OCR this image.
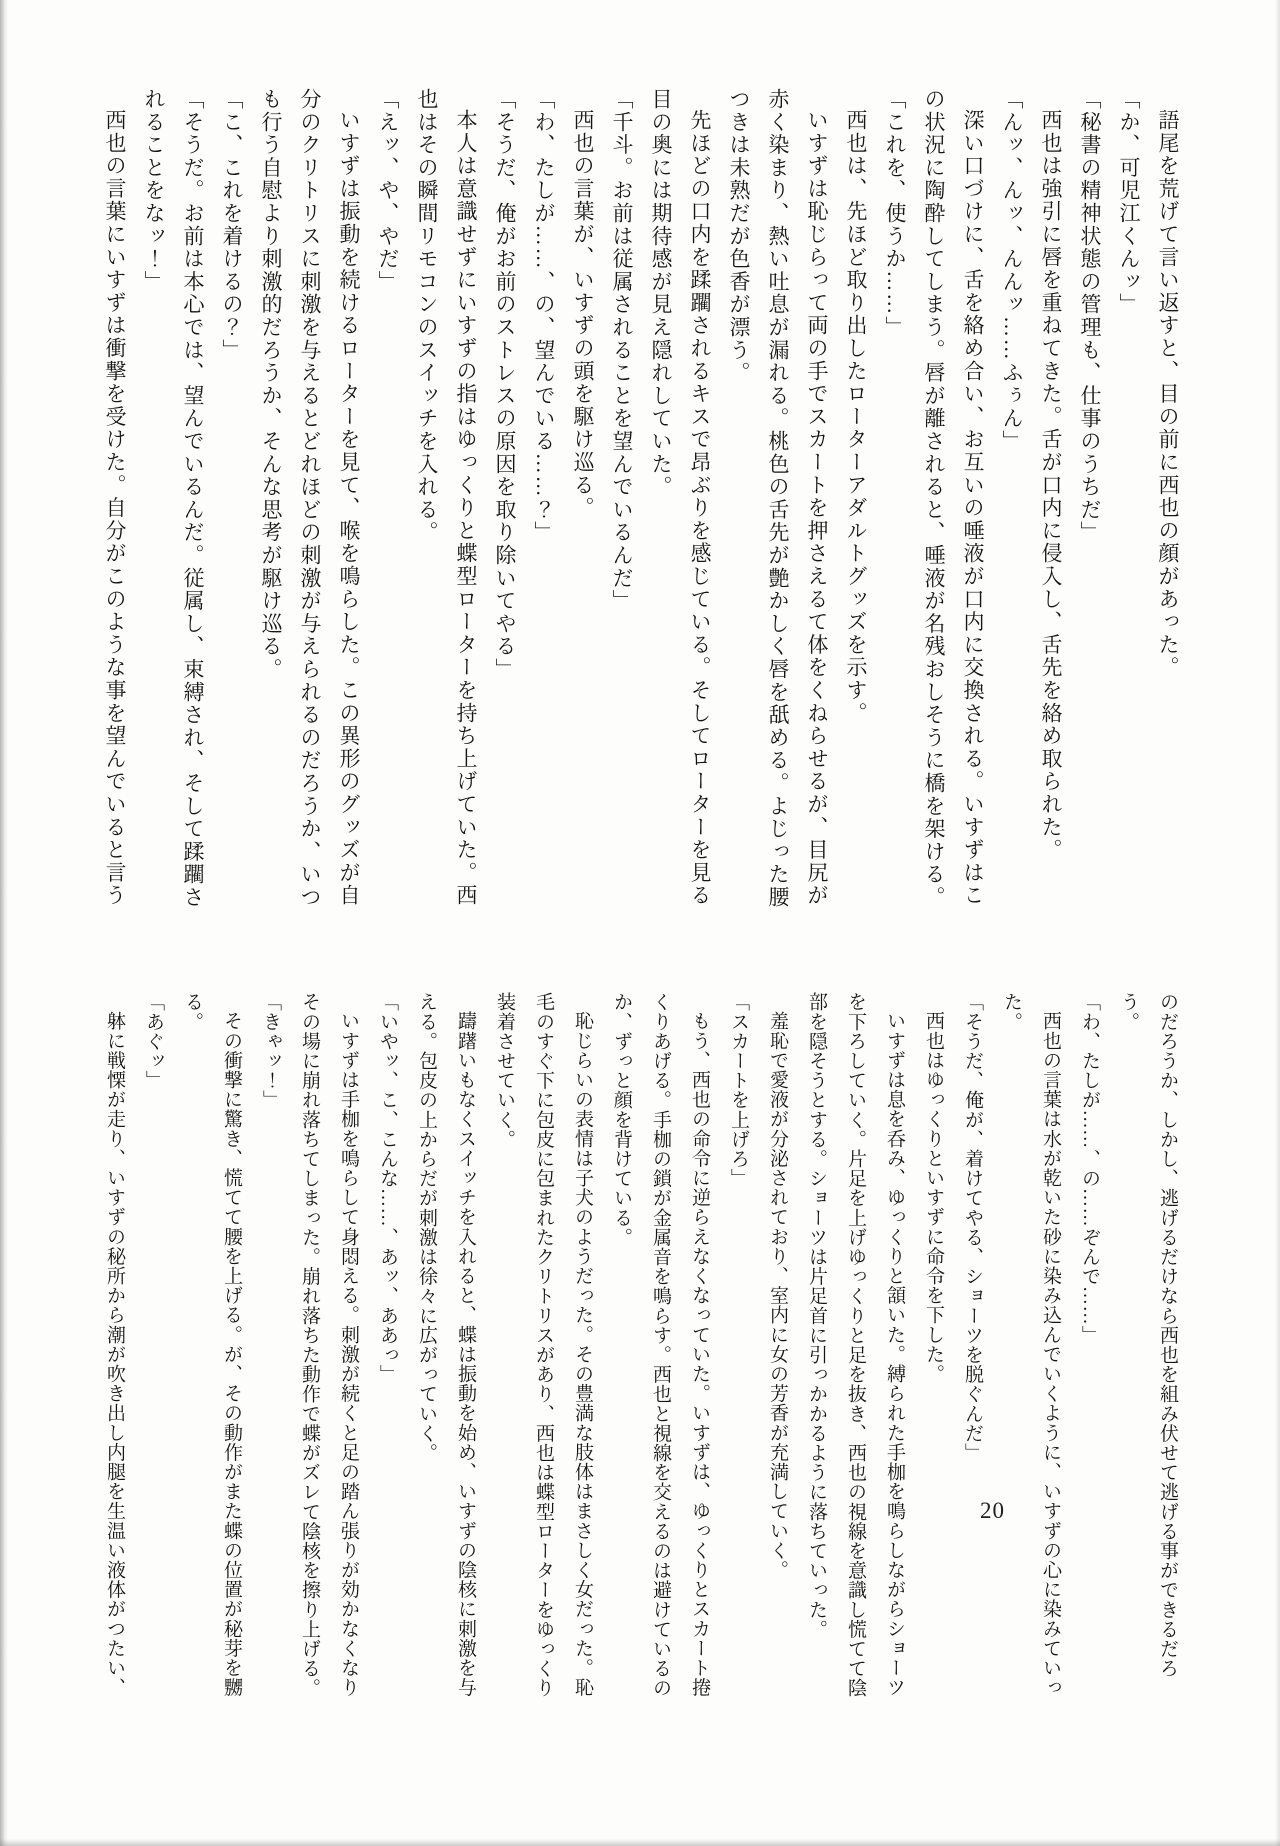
語尾を荒げて言い返すと、目の前に西也の顔があった。

「か、可児江くんッ」

「秘書の精神状態の管理も、仕事のうちだ」

西也は強引に唇を重ねてきた。舌が口内に侵入し、舌先を絡め取られた。

「んッ、んッ、んんッ……ふぅん」

深い口づけに、舌を絡め合い、お互いの唾液が口内に交換される。いすずはこの状況に陶酔してしまう。唇が離されると、唾液が名残おしそうに橋を架ける。

「これを、使うか……」

西也は、先ほど取り出したローターアダルトグッズを示す。

いすずは恥じらって両の手でスカートを押さえるて体をくねらせるが、目尻が赤く染まり、熱い吐息が漏れる。桃色の舌先が艶かしく唇を舐める。よじった腰つきは未熟だが色香が漂う。

先ほどの口内を蹂躙されるキスで昂ぶりを感じている。そしてローターを見る目の奥には期待感が見え隠れしていた。

「千斗。お前は従属されることを望んでいるんだ」

西也の言葉が、いすずの頭を駆け巡る。

「わ、たしが……、の、望んでいる……？」

「そうだ、俺がお前のストレスの原因を取り除いてやる」

本人は意識せずにいすずの指はゆっくりと蝶型ローターを持ち上げていた。西也はその瞬間リモコンのスイッチを入れる。

「えッ、や、やだ」

いすずは振動を続けるローターを見て、喉を鳴らした。この異形のグッズが自分のクリトリスに刺激を与えるとどれほどの刺激が与えられるのだろうか、いつも行う自慰より刺激的だろうか、そんな思考が駆け巡る。

「こ、これを着けるの？」

「そうだ。お前は本心では、望んでいるんだ。従属し、束縛され、そして蹂躙されることをなッ！」

西也の言葉にいすずは衝撃を受けた。自分がこのような事を望んでいると言う

のだろうか、しかし、逃げるだけなら西也を組み伏せて逃げる事ができるだろう。

「わ、たしが……、の……ぞんで……」

西也の言葉は水が乾いた砂に染み込んでいくように、いすずの心に染みていった。

「そうだ、俺が、着けてやる、ショーツを脱ぐんだ」

西也はゆっくりといすずに命令を下した。

いすずは息を呑み、ゆっくりと頷いた。縛られた手枷を鳴らしながらショーツを下ろしていく。片足を上げゆっくりと足を抜き、西也の視線を意識し慌てて陰部を隠そうとする。ショーツは片足首に引っかかるように落ちていった。

羞恥で愛液が分泌されており、室内に女の芳香が充満していく。

「スカートを上げろ」

もう、西也の命令に逆らえなくなっていた。いすずは、ゆっくりとスカート捲くりあげる。手枷の鎖が金属音を鳴らす。西也と視線を交えるのは避けているのか、ずっと顔を背けている。

恥じらいの表情は子犬のようだった。その豊満な肢体はまさしく女だった。恥毛のすぐ下に包皮に包まれたクリトリスがあり、西也は蝶型ローターをゆっくり装着させていく。

躊躇いもなくスイッチを入れると、蝶は振動を始め、いすずの陰核に刺激を与える。包皮の上からだが刺激は徐々に広がっていく。

「いやッ、こ、こんな……、あッ、ああっ」

いすずは手枷を鳴らして身悶える。刺激が続くと足の踏ん張りが効かなくなりその場に崩れ落ちてしまった。崩れ落ちた動作で蝶がズレて陰核を擦り上げる。

「きゃッ！」

その衝撃に驚き、慌てて腰を上げる。が、その動作がまた蝶の位置が秘芽を嬲る。

「あぐッ」

躰に戦慄が走り、いすずの秘所から潮が吹き出し内腿を生温い液体がつたい、	20
